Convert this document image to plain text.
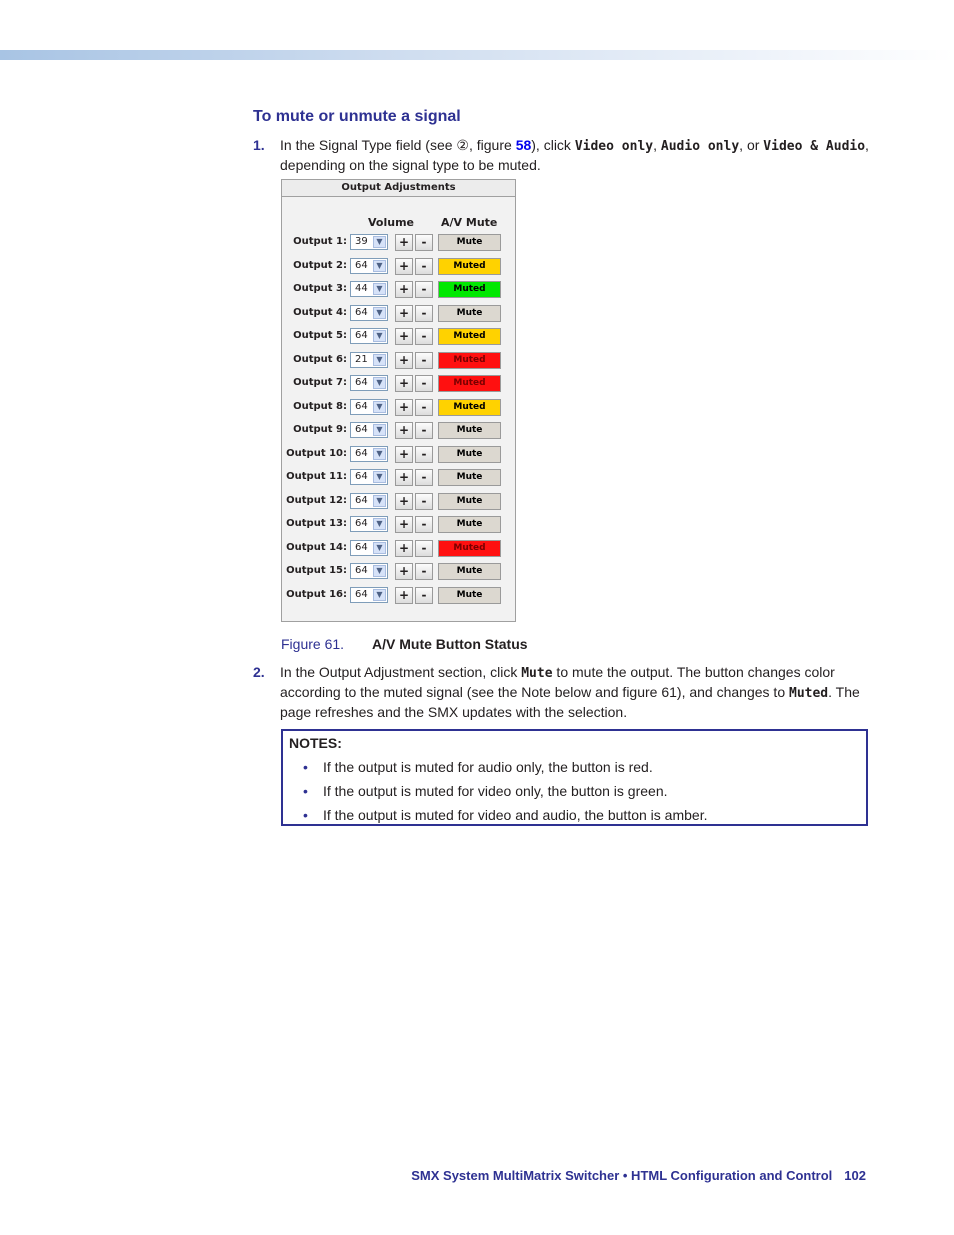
To mute or unmute a signal
1. In the Signal Type field (see ②, figure 58), click Video only, Audio only, or Video & Audio, depending on the signal type to be muted.
Output Adjustments
Volume A/V Mute
Output 1: 39	▼	+	-	Mute
Output 2: 64	▼	+	-	Muted
Output 3: 44	▼	+	-	Muted
Output 4: 64	▼	+	-	Mute
Output 5: 64	▼	+	-	Muted
Output 6: 21	▼	+	-	Muted
Output 7: 64	▼	+	-	Muted
Output 8: 64	▼	+	-	Muted
Output 9: 64	▼	+	-	Mute
Output 10: 64	▼	+	-	Mute
Output 11: 64	▼	+	-	Mute
Output 12: 64	▼	+	-	Mute
Output 13: 64	▼	+	-	Mute
Output 14: 64	▼	+	-	Muted
Output 15: 64	▼	+	-	Mute
Output 16: 64	▼	+	-	Mute
Figure 61. A/V Mute Button Status
2. In the Output Adjustment section, click Mute to mute the output. The button changes color according to the muted signal (see the Note below and figure 61), and changes to Muted. The page refreshes and the SMX updates with the selection.
NOTES:
• If the output is muted for audio only, the button is red.
• If the output is muted for video only, the button is green.
• If the output is muted for video and audio, the button is amber.
SMX System MultiMatrix Switcher • HTML Configuration and Control 102
